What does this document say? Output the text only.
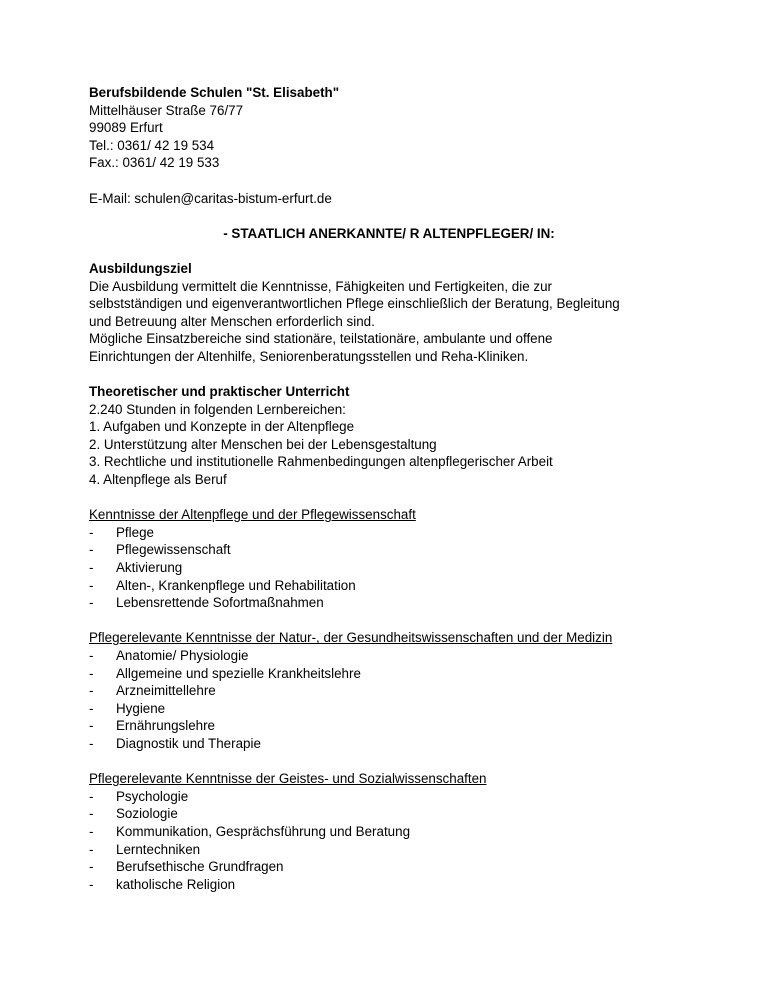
Berufsbildende Schulen "St. Elisabeth"
Mittelhäuser Straße 76/77
99089 Erfurt
Tel.: 0361/ 42 19 534
Fax.: 0361/ 42 19 533
E-Mail: schulen@caritas-bistum-erfurt.de
- STAATLICH ANERKANNTE/ R ALTENPFLEGER/ IN:
Ausbildungsziel
Die Ausbildung vermittelt die Kenntnisse, Fähigkeiten und Fertigkeiten, die zur
selbstständigen und eigenverantwortlichen Pflege einschließlich der Beratung, Begleitung
und Betreuung alter Menschen erforderlich sind.
Mögliche Einsatzbereiche sind stationäre, teilstationäre, ambulante und offene
Einrichtungen der Altenhilfe, Seniorenberatungsstellen und Reha-Kliniken.
Theoretischer und praktischer Unterricht
2.240 Stunden in folgenden Lernbereichen:
1. Aufgaben und Konzepte in der Altenpflege
2. Unterstützung alter Menschen bei der Lebensgestaltung
3. Rechtliche und institutionelle Rahmenbedingungen altenpflegerischer Arbeit
4. Altenpflege als Beruf
Kenntnisse der Altenpflege und der Pflegewissenschaft
- Pflege
- Pflegewissenschaft
- Aktivierung
- Alten-, Krankenpflege und Rehabilitation
- Lebensrettende Sofortmaßnahmen
Pflegerelevante Kenntnisse der Natur-, der Gesundheitswissenschaften und der Medizin
- Anatomie/ Physiologie
- Allgemeine und spezielle Krankheitslehre
- Arzneimittellehre
- Hygiene
- Ernährungslehre
- Diagnostik und Therapie
Pflegerelevante Kenntnisse der Geistes- und Sozialwissenschaften
- Psychologie
- Soziologie
- Kommunikation, Gesprächsführung und Beratung
- Lerntechniken
- Berufsethische Grundfragen
- katholische Religion
